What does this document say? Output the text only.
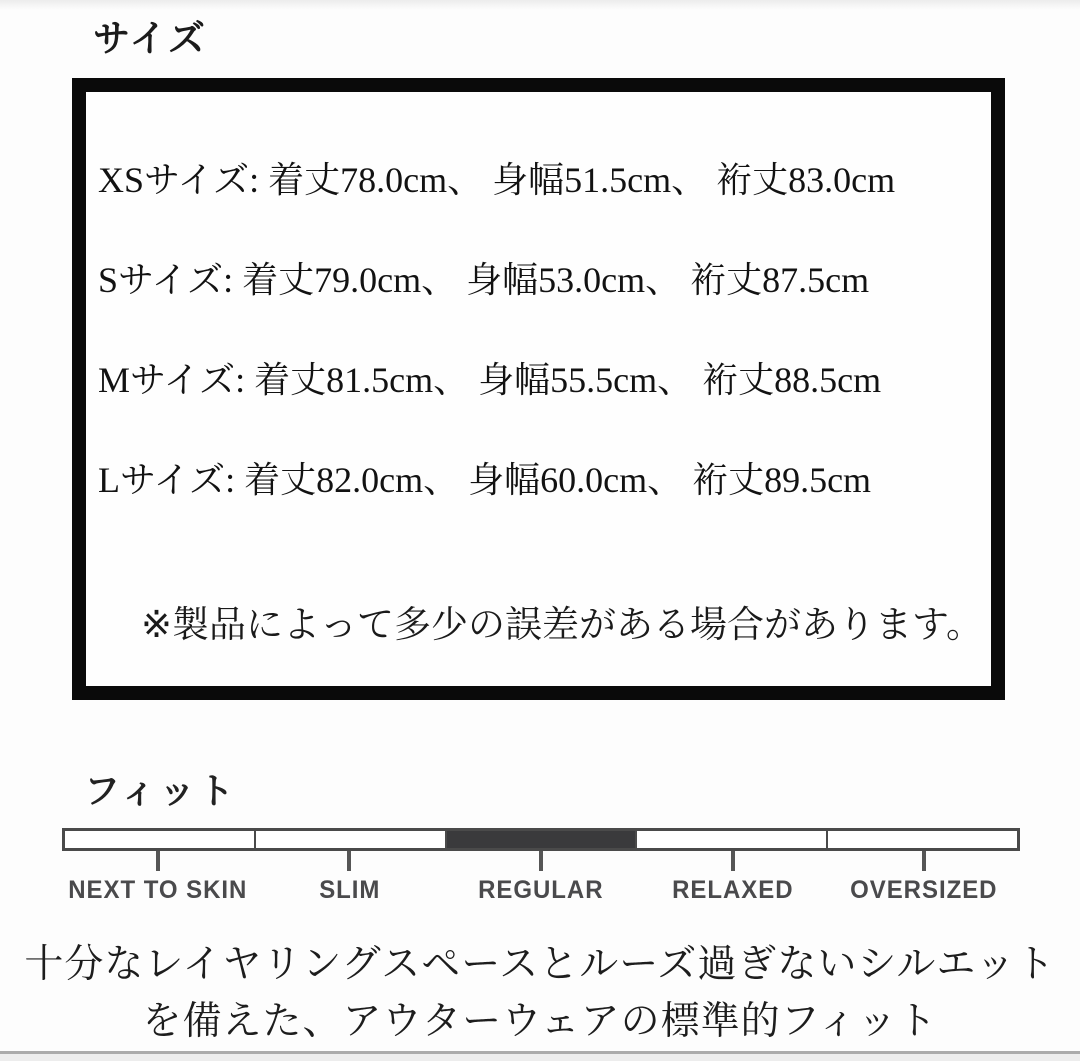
サイズ
XSサイズ: 着丈78.0cm、 身幅51.5cm、 裄丈83.0cm
Sサイズ: 着丈79.0cm、 身幅53.0cm、 裄丈87.5cm
Mサイズ: 着丈81.5cm、 身幅55.5cm、 裄丈88.5cm
Lサイズ: 着丈82.0cm、 身幅60.0cm、 裄丈89.5cm
※製品によって多少の誤差がある場合があります。
フィット
NEXT TO SKIN	SLIM	REGULAR	RELAXED	OVERSIZED
十分なレイヤリングスペースとルーズ過ぎないシルエット
を備えた、アウターウェアの標準的フィット
